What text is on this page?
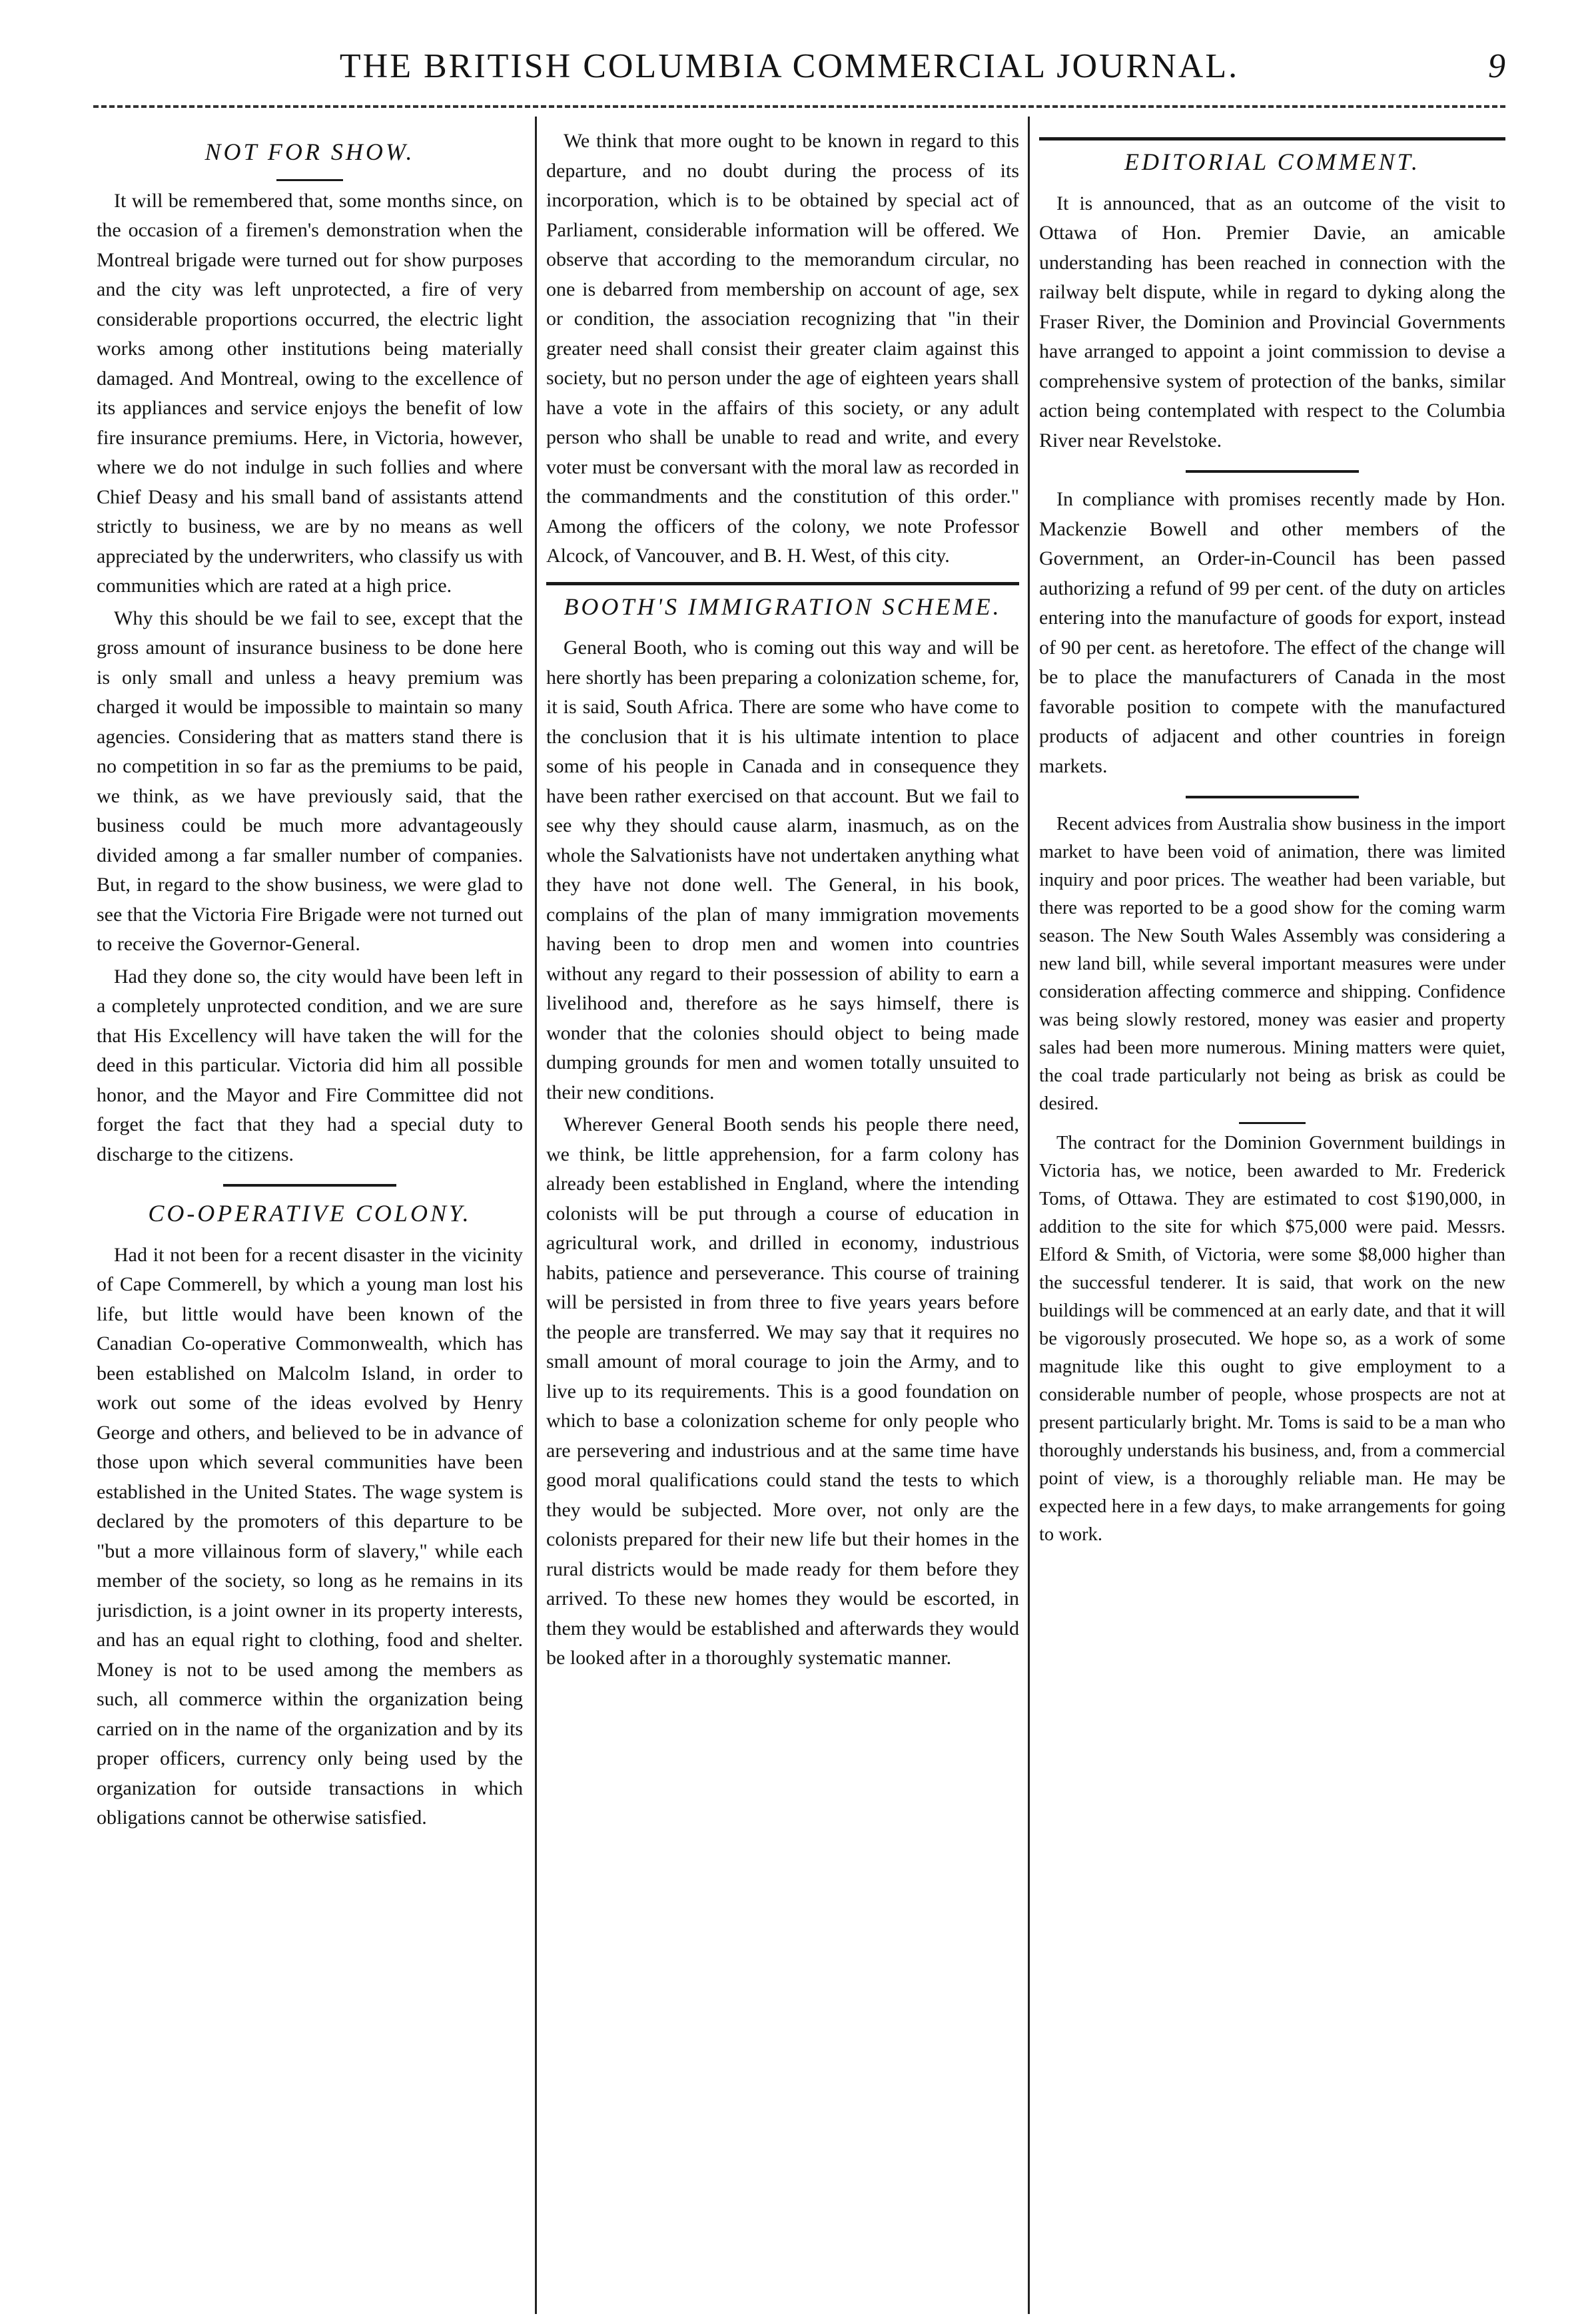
THE BRITISH COLUMBIA COMMERCIAL JOURNAL.	9
NOT FOR SHOW.

It will be remembered that, some months since, on the occasion of a firemen's demonstration when the Montreal brigade were turned out for show purposes and the city was left unprotected, a fire of very considerable proportions occurred, the electric light works among other institutions being materially damaged. And Montreal, owing to the excellence of its appliances and service enjoys the benefit of low fire insurance premiums. Here, in Victoria, however, where we do not indulge in such follies and where Chief Deasy and his small band of assistants attend strictly to business, we are by no means as well appreciated by the underwriters, who classify us with communities which are rated at a high price.

Why this should be we fail to see, except that the gross amount of insurance business to be done here is only small and unless a heavy premium was charged it would be impossible to maintain so many agencies. Considering that as matters stand there is no competition in so far as the premiums to be paid, we think, as we have previously said, that the business could be much more advantageously divided among a far smaller number of companies. But, in regard to the show business, we were glad to see that the Victoria Fire Brigade were not turned out to receive the Governor-General.

Had they done so, the city would have been left in a completely unprotected condition, and we are sure that His Excellency will have taken the will for the deed in this particular. Victoria did him all possible honor, and the Mayor and Fire Committee did not forget the fact that they had a special duty to discharge to the citizens.

CO-OPERATIVE COLONY.

Had it not been for a recent disaster in the vicinity of Cape Commerell, by which a young man lost his life, but little would have been known of the Canadian Co-operative Commonwealth, which has been established on Malcolm Island, in order to work out some of the ideas evolved by Henry George and others, and believed to be in advance of those upon which several communities have been established in the United States. The wage system is declared by the promoters of this departure to be "but a more villainous form of slavery," while each member of the society, so long as he remains in its jurisdiction, is a joint owner in its property interests, and has an equal right to clothing, food and shelter. Money is not to be used among the members as such, all commerce within the organization being carried on in the name of the organization and by its proper officers, currency only being used by the organization for outside transactions in which obligations cannot be otherwise satisfied.

We think that more ought to be known in regard to this departure, and no doubt during the process of its incorporation, which is to be obtained by special act of Parliament, considerable information will be offered. We observe that according to the memorandum circular, no one is debarred from membership on account of age, sex or condition, the association recognizing that "in their greater need shall consist their greater claim against this society, but no person under the age of eighteen years shall have a vote in the affairs of this society, or any adult person who shall be unable to read and write, and every voter must be conversant with the moral law as recorded in the commandments and the constitution of this order." Among the officers of the colony, we note Professor Alcock, of Vancouver, and B. H. West, of this city.

BOOTH'S IMMIGRATION SCHEME.

General Booth, who is coming out this way and will be here shortly has been preparing a colonization scheme, for, it is said, South Africa. There are some who have come to the conclusion that it is his ultimate intention to place some of his people in Canada and in consequence they have been rather exercised on that account. But we fail to see why they should cause alarm, inasmuch, as on the whole the Salvationists have not undertaken anything what they have not done well. The General, in his book, complains of the plan of many immigration movements having been to drop men and women into countries without any regard to their possession of ability to earn a livelihood and, therefore as he says himself, there is wonder that the colonies should object to being made dumping grounds for men and women totally unsuited to their new conditions.

Wherever General Booth sends his people there need, we think, be little apprehension, for a farm colony has already been established in England, where the intending colonists will be put through a course of education in agricultural work, and drilled in economy, industrious habits, patience and perseverance. This course of training will be persisted in from three to five years years before the people are transferred. We may say that it requires no small amount of moral courage to join the Army, and to live up to its requirements. This is a good foundation on which to base a colonization scheme for only people who are persevering and industrious and at the same time have good moral qualifications could stand the tests to which they would be subjected. More over, not only are the colonists prepared for their new life but their homes in the rural districts would be made ready for them before they arrived. To these new homes they would be escorted, in them they would be established and afterwards they would be looked after in a thoroughly systematic manner.

EDITORIAL COMMENT.

It is announced, that as an outcome of the visit to Ottawa of Hon. Premier Davie, an amicable understanding has been reached in connection with the railway belt dispute, while in regard to dyking along the Fraser River, the Dominion and Provincial Governments have arranged to appoint a joint commission to devise a comprehensive system of protection of the banks, similar action being contemplated with respect to the Columbia River near Revelstoke.

In compliance with promises recently made by Hon. Mackenzie Bowell and other members of the Government, an Order-in-Council has been passed authorizing a refund of 99 per cent. of the duty on articles entering into the manufacture of goods for export, instead of 90 per cent. as heretofore. The effect of the change will be to place the manufacturers of Canada in the most favorable position to compete with the manufactured products of adjacent and other countries in foreign markets.

Recent advices from Australia show business in the import market to have been void of animation, there was limited inquiry and poor prices. The weather had been variable, but there was reported to be a good show for the coming warm season. The New South Wales Assembly was considering a new land bill, while several important measures were under consideration affecting commerce and shipping. Confidence was being slowly restored, money was easier and property sales had been more numerous. Mining matters were quiet, the coal trade particularly not being as brisk as could be desired.

The contract for the Dominion Government buildings in Victoria has, we notice, been awarded to Mr. Frederick Toms, of Ottawa. They are estimated to cost $190,000, in addition to the site for which $75,000 were paid. Messrs. Elford & Smith, of Victoria, were some $8,000 higher than the successful tenderer. It is said, that work on the new buildings will be commenced at an early date, and that it will be vigorously prosecuted. We hope so, as a work of some magnitude like this ought to give employment to a considerable number of people, whose prospects are not at present particularly bright. Mr. Toms is said to be a man who thoroughly understands his business, and, from a commercial point of view, is a thoroughly reliable man. He may be expected here in a few days, to make arrangements for going to work.
